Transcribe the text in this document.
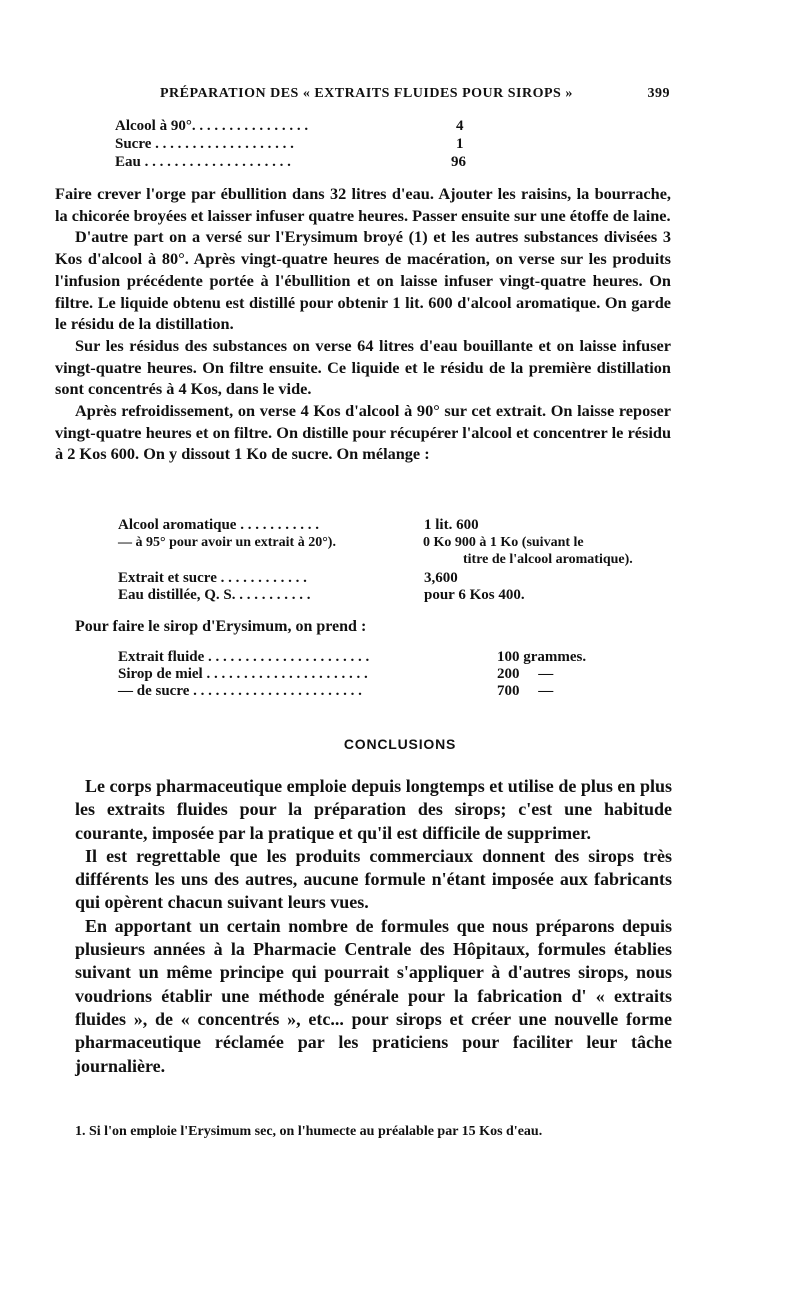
PRÉPARATION DES « EXTRAITS FLUIDES POUR SIROPS »	399
Alcool à 90°. . . . . . . . . . . . . . . .	4
Sucre . . . . . . . . . . . . . . . . . . .	1
Eau . . . . . . . . . . . . . . . . . . . .	96

Faire crever l'orge par ébullition dans 32 litres d'eau. Ajouter les raisins, la bourrache, la chicorée broyées et laisser infuser quatre heures. Passer ensuite sur une étoffe de laine.

D'autre part on a versé sur l'Erysimum broyé (1) et les autres substances divisées 3 Kos d'alcool à 80°. Après vingt-quatre heures de macération, on verse sur les produits l'infusion précédente portée à l'ébullition et on laisse infuser vingt-quatre heures. On filtre. Le liquide obtenu est distillé pour obtenir 1 lit. 600 d'alcool aromatique. On garde le résidu de la distillation.

Sur les résidus des substances on verse 64 litres d'eau bouillante et on laisse infuser vingt-quatre heures. On filtre ensuite. Ce liquide et le résidu de la première distillation sont concentrés à 4 Kos, dans le vide.

Après refroidissement, on verse 4 Kos d'alcool à 90° sur cet extrait. On laisse reposer vingt-quatre heures et on filtre. On distille pour récupérer l'alcool et concentrer le résidu à 2 Kos 600. On y dissout 1 Ko de sucre. On mélange :

Alcool aromatique . . . . . . . . . . .	1 lit. 600
— à 95° pour avoir un extrait à 20°).	0 Ko 900 à 1 Ko (suivant le
titre de l'alcool aromatique).
Extrait et sucre . . . . . . . . . . . .	3,600
Eau distillée, Q. S. . . . . . . . . . .	pour 6 Kos 400.
Pour faire le sirop d'Erysimum, on prend :
Extrait fluide . . . . . . . . . . . . . . . . . . . . . .	100 grammes.
Sirop de miel . . . . . . . . . . . . . . . . . . . . . .	200     —
— de sucre . . . . . . . . . . . . . . . . . . . . . . .	700     —
CONCLUSIONS

Le corps pharmaceutique emploie depuis longtemps et utilise de plus en plus les extraits fluides pour la préparation des sirops; c'est une habitude courante, imposée par la pratique et qu'il est difficile de supprimer.

Il est regrettable que les produits commerciaux donnent des sirops très différents les uns des autres, aucune formule n'étant imposée aux fabricants qui opèrent chacun suivant leurs vues.

En apportant un certain nombre de formules que nous préparons depuis plusieurs années à la Pharmacie Centrale des Hôpitaux, formules établies suivant un même principe qui pourrait s'appliquer à d'autres sirops, nous voudrions établir une méthode générale pour la fabrication d' « extraits fluides », de « concentrés », etc... pour sirops et créer une nouvelle forme pharmaceutique réclamée par les praticiens pour faciliter leur tâche journalière.

1. Si l'on emploie l'Erysimum sec, on l'humecte au préalable par 15 Kos d'eau.
